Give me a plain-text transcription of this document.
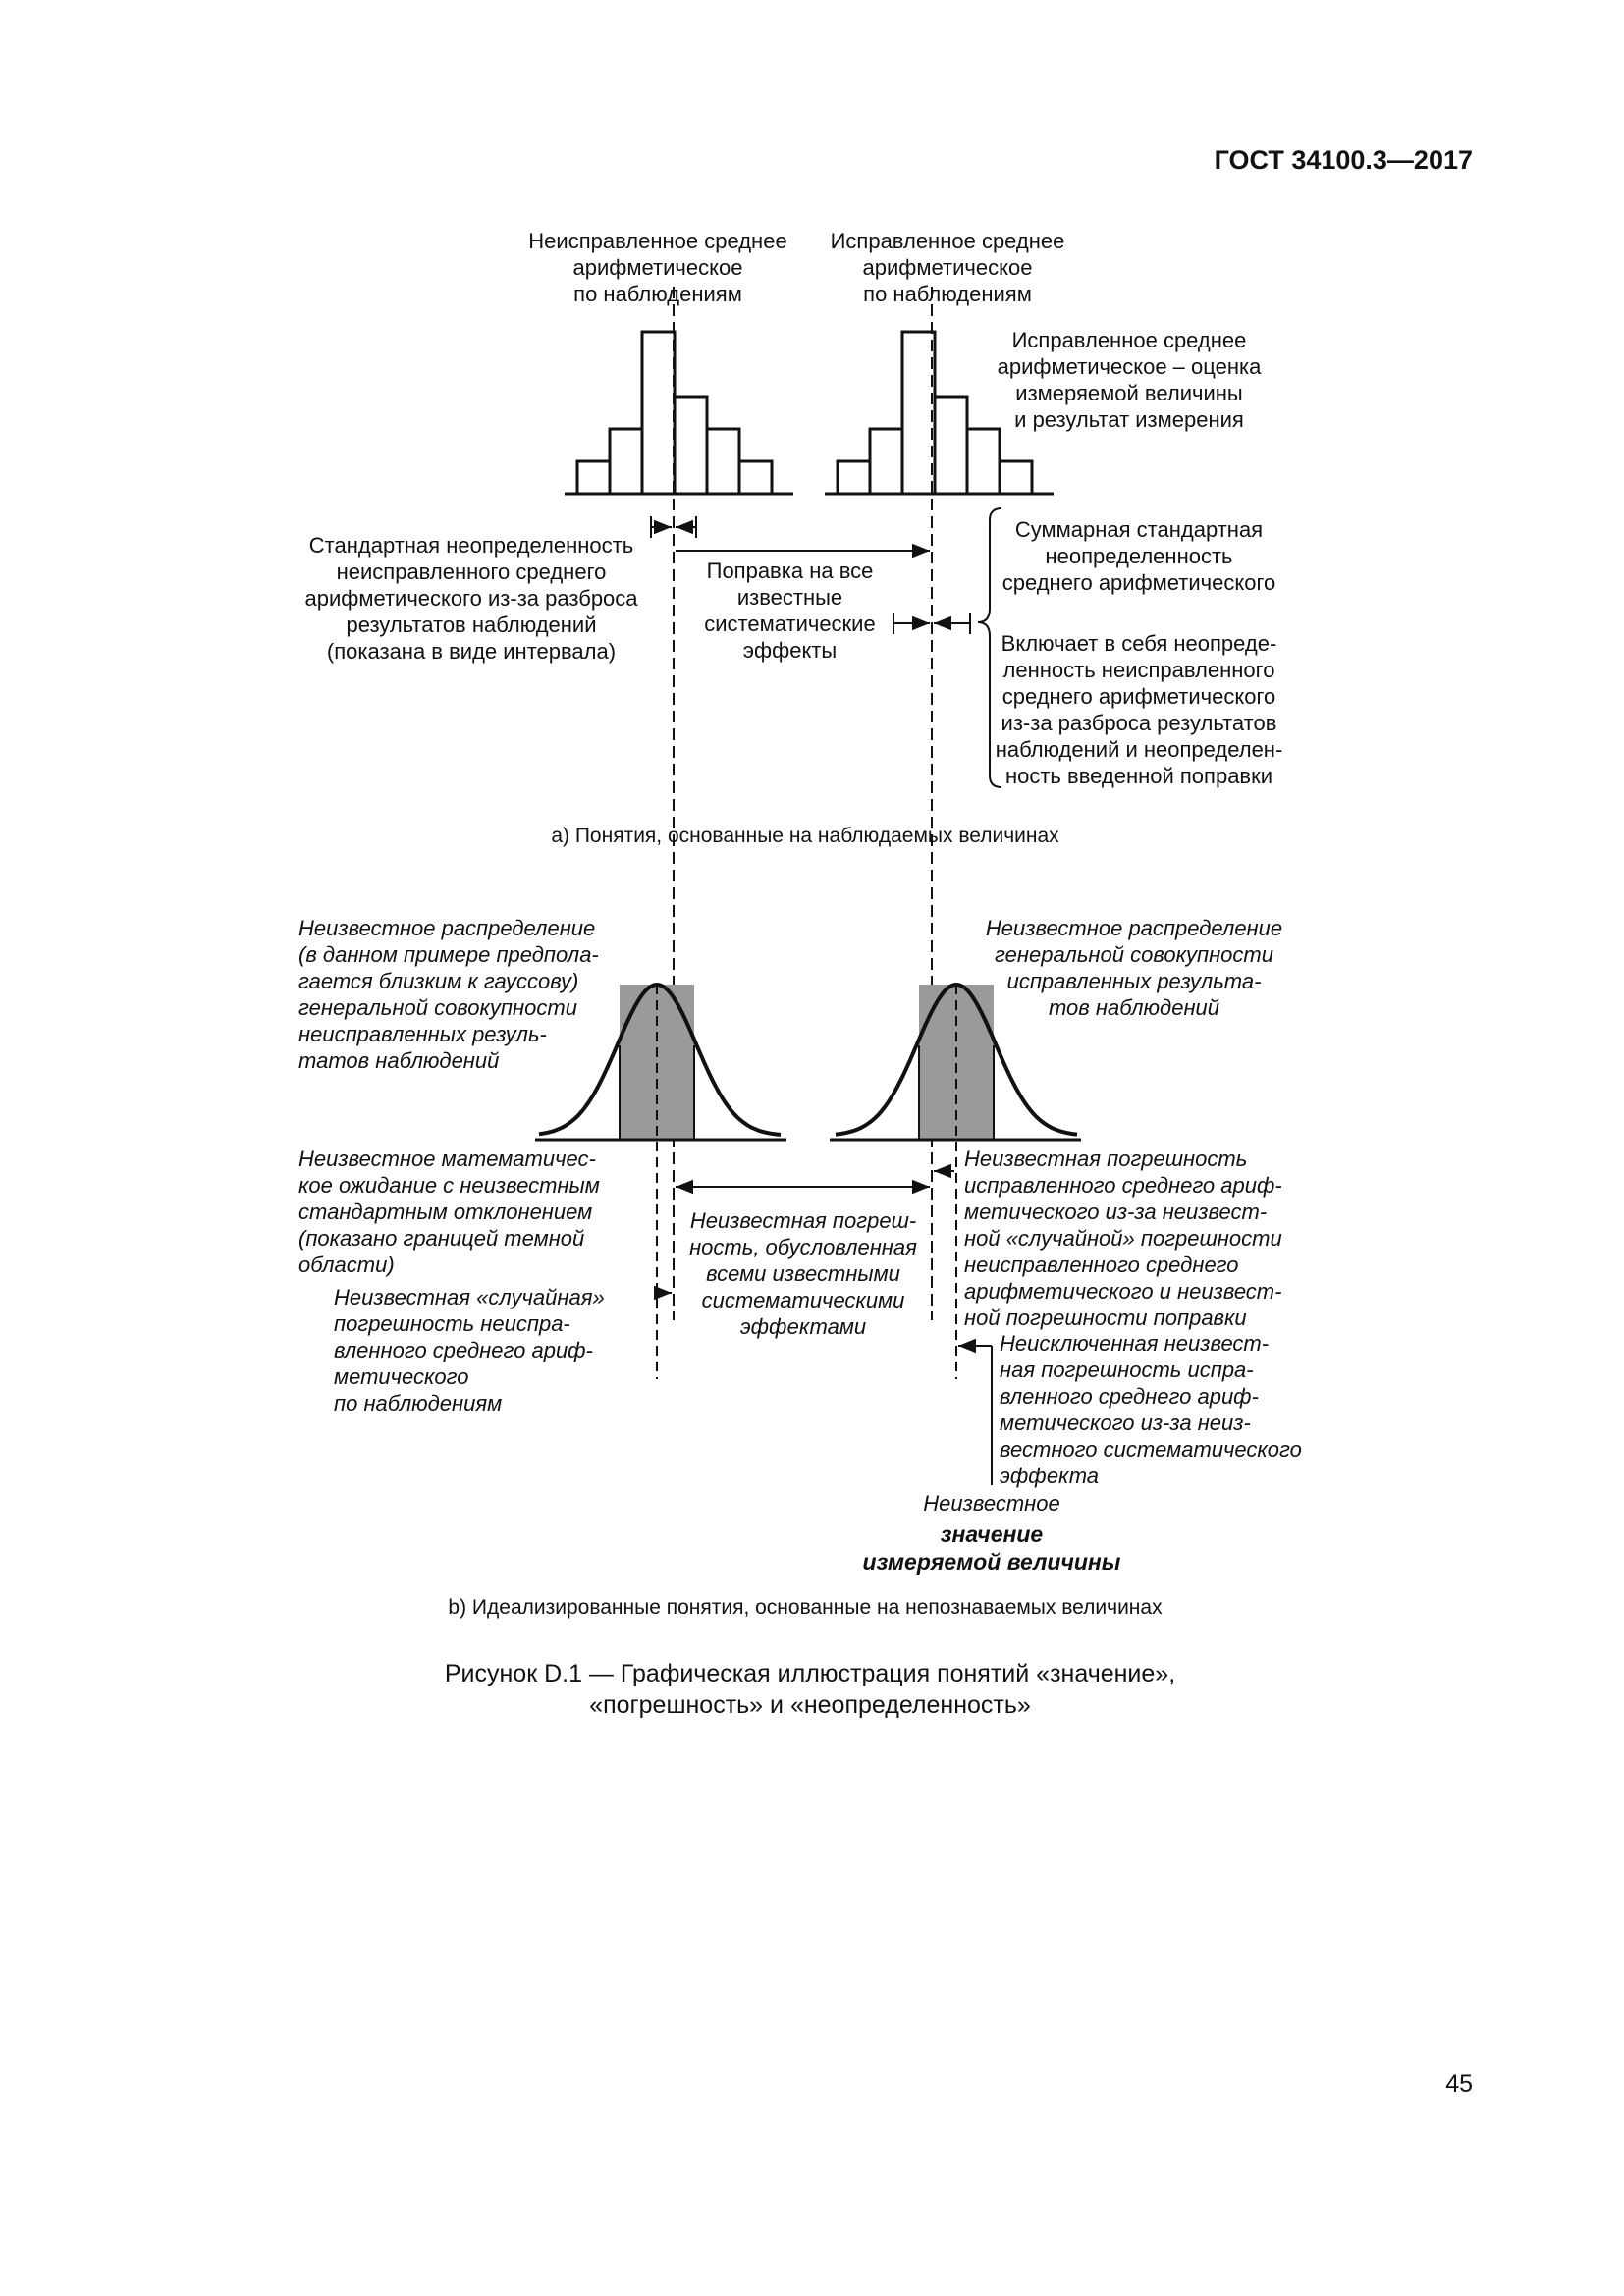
ГОСТ 34100.3—2017
Неисправленное среднее
арифметическое
по наблюдениям
Исправленное среднее
арифметическое
по наблюдениям
Исправленное среднее
арифметическое – оценка
измеряемой величины
и результат измерения
Стандартная неопределенность
неисправленного среднего
арифметического из-за разброса
результатов наблюдений
(показана в виде интервала)
Поправка на все
известные
систематические
эффекты
Суммарная стандартная
неопределенность
среднего арифметического
Включает в себя неопреде-
ленность неисправленного
среднего арифметического
из-за разброса результатов
наблюдений и неопределен-
ность введенной поправки
а) Понятия, основанные на наблюдаемых величинах
Неизвестное распределение
(в данном примере предпола-
гается близким к гауссову)
генеральной совокупности
неисправленных резуль-
татов наблюдений
Неизвестное распределение
генеральной совокупности
исправленных результа-
тов наблюдений
Неизвестное математичес-
кое ожидание с неизвестным
стандартным отклонением
(показано границей темной
области)
Неизвестная «случайная»
погрешность неиспра-
вленного среднего ариф-
метического
по наблюдениям
Неизвестная погреш-
ность, обусловленная
всеми известными
систематическими
эффектами
Неизвестная погрешность
исправленного среднего ариф-
метического из-за неизвест-
ной «случайной» погрешности
неисправленного среднего
арифметического и неизвест-
ной погрешности поправки
Неисключенная неизвест-
ная погрешность испра-
вленного среднего ариф-
метического из-за неиз-
вестного систематического
эффекта
Неизвестное
значение
измеряемой величины
b) Идеализированные понятия, основанные на непознаваемых величинах
Рисунок D.1 — Графическая иллюстрация понятий «значение»,
«погрешность» и «неопределенность»
45
